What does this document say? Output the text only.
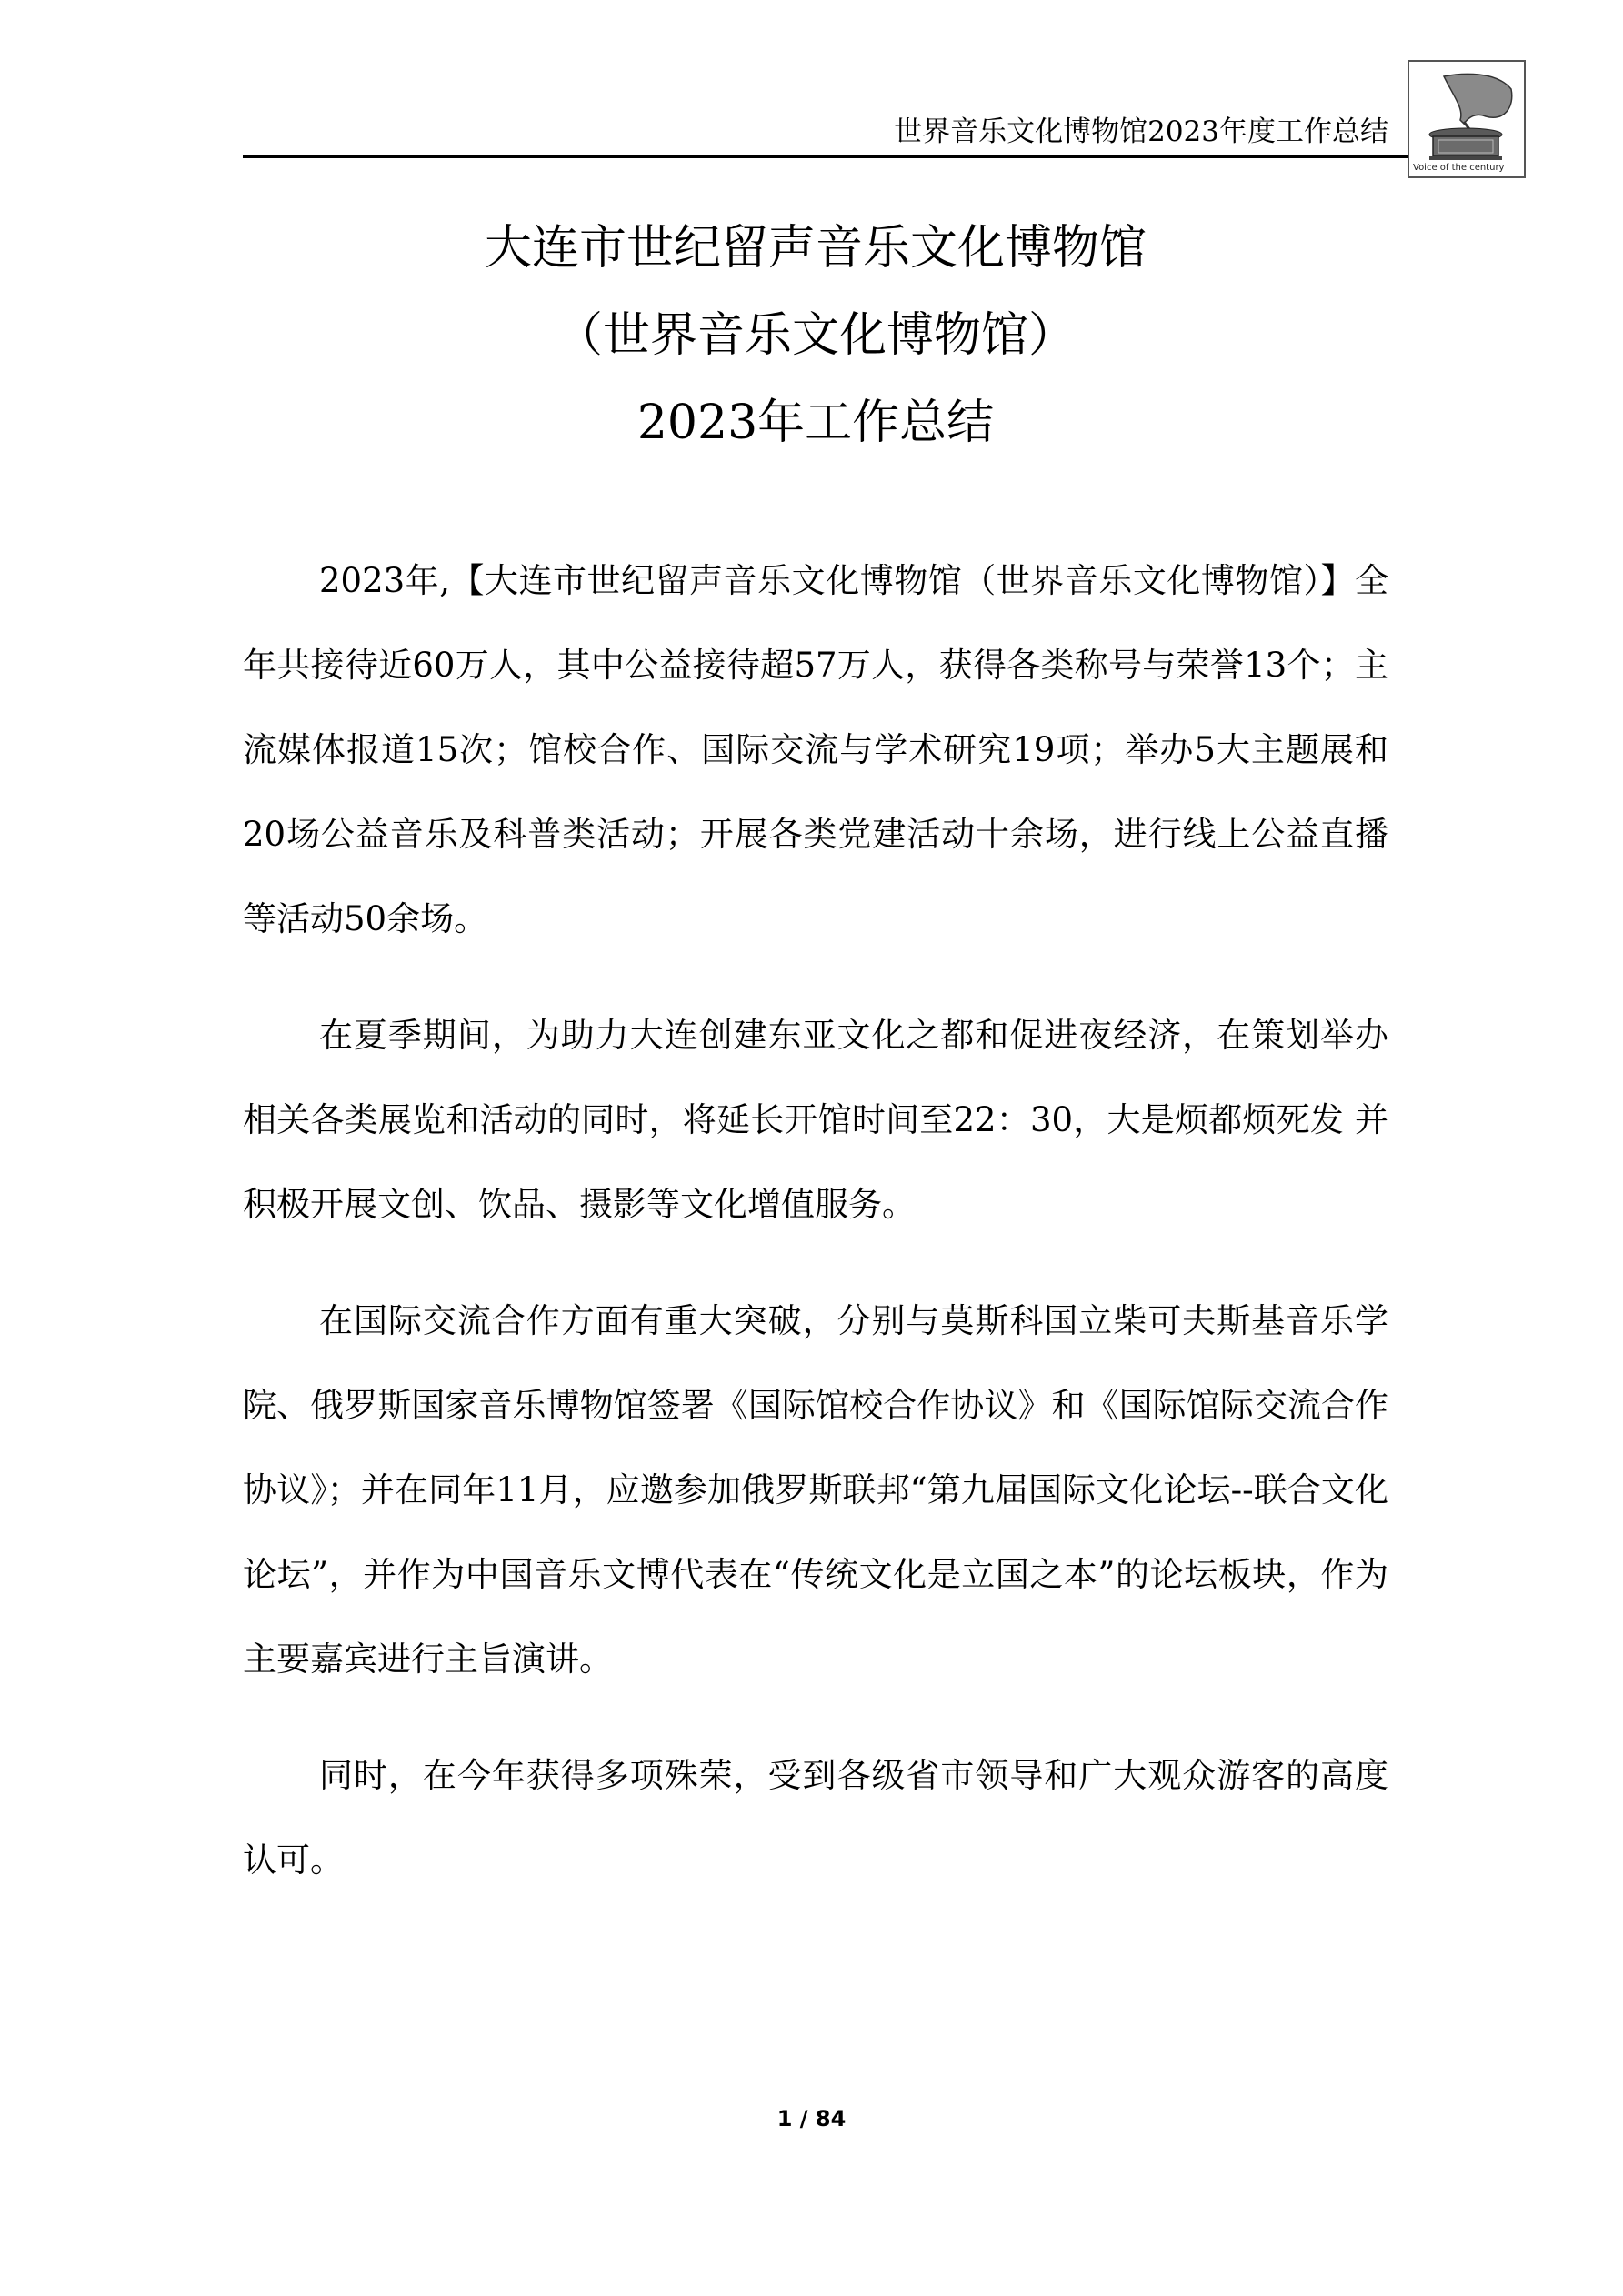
世界音乐文化博物馆2023年度工作总结
Voice of the century
大连市世纪留声音乐文化博物馆
（世界音乐文化博物馆）
2023年工作总结

2023年,【大连市世纪留声音乐文化博物馆（世界音乐文化博物馆）】全年共接待近60万人，其中公益接待超57万人，获得各类称号与荣誉13个；主流媒体报道15次；馆校合作、国际交流与学术研究19项；举办5大主题展和20场公益音乐及科普类活动；开展各类党建活动十余场，进行线上公益直播等活动50余场。

在夏季期间，为助力大连创建东亚文化之都和促进夜经济，在策划举办相关各类展览和活动的同时，将延长开馆时间至22：30，大是烦都烦死发 并积极开展文创、饮品、摄影等文化增值服务。

在国际交流合作方面有重大突破，分别与莫斯科国立柴可夫斯基音乐学院、俄罗斯国家音乐博物馆签署《国际馆校合作协议》和《国际馆际交流合作协议》；并在同年11月，应邀参加俄罗斯联邦“第九届国际文化论坛--联合文化论坛”，并作为中国音乐文博代表在“传统文化是立国之本”的论坛板块，作为主要嘉宾进行主旨演讲。

同时，在今年获得多项殊荣，受到各级省市领导和广大观众游客的高度认可。

1 / 84
